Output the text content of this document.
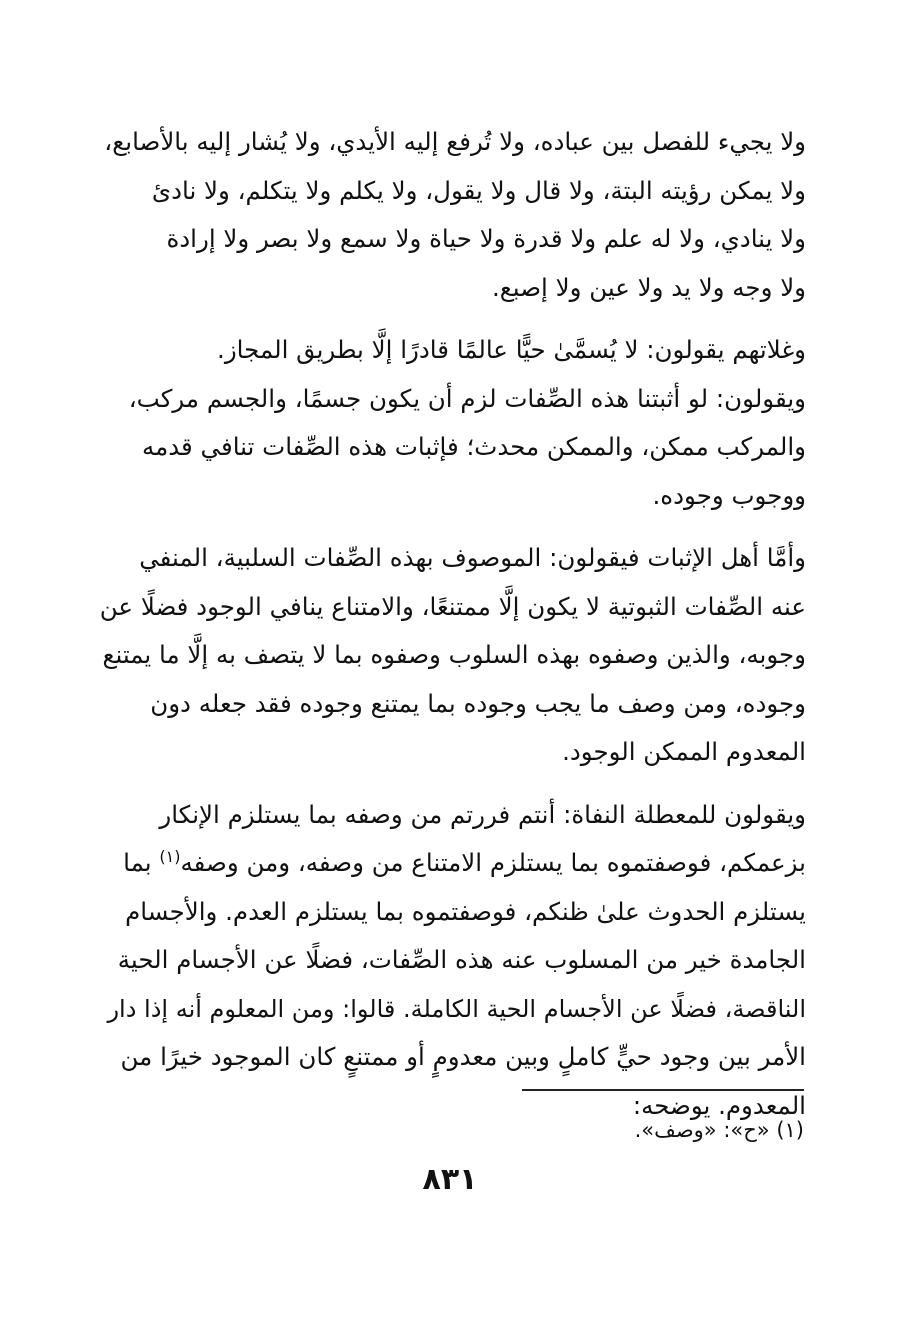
ولا يجيء للفصل بين عباده، ولا تُرفع إليه الأيدي، ولا يُشار إليه بالأصابع،
ولا يمكن رؤيته البتة، ولا قال ولا يقول، ولا يكلم ولا يتكلم، ولا نادئ
ولا ينادي، ولا له علم ولا قدرة ولا حياة ولا سمع ولا بصر ولا إرادة
ولا وجه ولا يد ولا عين ولا إصبع.
وغلاتهم يقولون: لا يُسمَّىٰ حيًّا عالمًا قادرًا إلَّا بطريق المجاز.
ويقولون: لو أثبتنا هذه الصِّفات لزم أن يكون جسمًا، والجسم مركب،
والمركب ممكن، والممكن محدث؛ فإثبات هذه الصِّفات تنافي قدمه
ووجوب وجوده.
وأمَّا أهل الإثبات فيقولون: الموصوف بهذه الصِّفات السلبية، المنفي
عنه الصِّفات الثبوتية لا يكون إلَّا ممتنعًا، والامتناع ينافي الوجود فضلًا عن
وجوبه، والذين وصفوه بهذه السلوب وصفوه بما لا يتصف به إلَّا ما يمتنع
وجوده، ومن وصف ما يجب وجوده بما يمتنع وجوده فقد جعله دون
المعدوم الممكن الوجود.
ويقولون للمعطلة النفاة: أنتم فررتم من وصفه بما يستلزم الإنكار
بزعمكم، فوصفتموه بما يستلزم الامتناع من وصفه، ومن وصفه$^{(١)}$ بما
يستلزم الحدوث علىٰ ظنكم، فوصفتموه بما يستلزم العدم. والأجسام
الجامدة خير من المسلوب عنه هذه الصِّفات، فضلًا عن الأجسام الحية
الناقصة، فضلًا عن الأجسام الحية الكاملة. قالوا: ومن المعلوم أنه إذا دار
الأمر بين وجود حيٍّ كاملٍ وبين معدومٍ أو ممتنعٍ كان الموجود خيرًا من
المعدوم. يوضحه:
(١) «ح»: «وصف».
٨٣١
